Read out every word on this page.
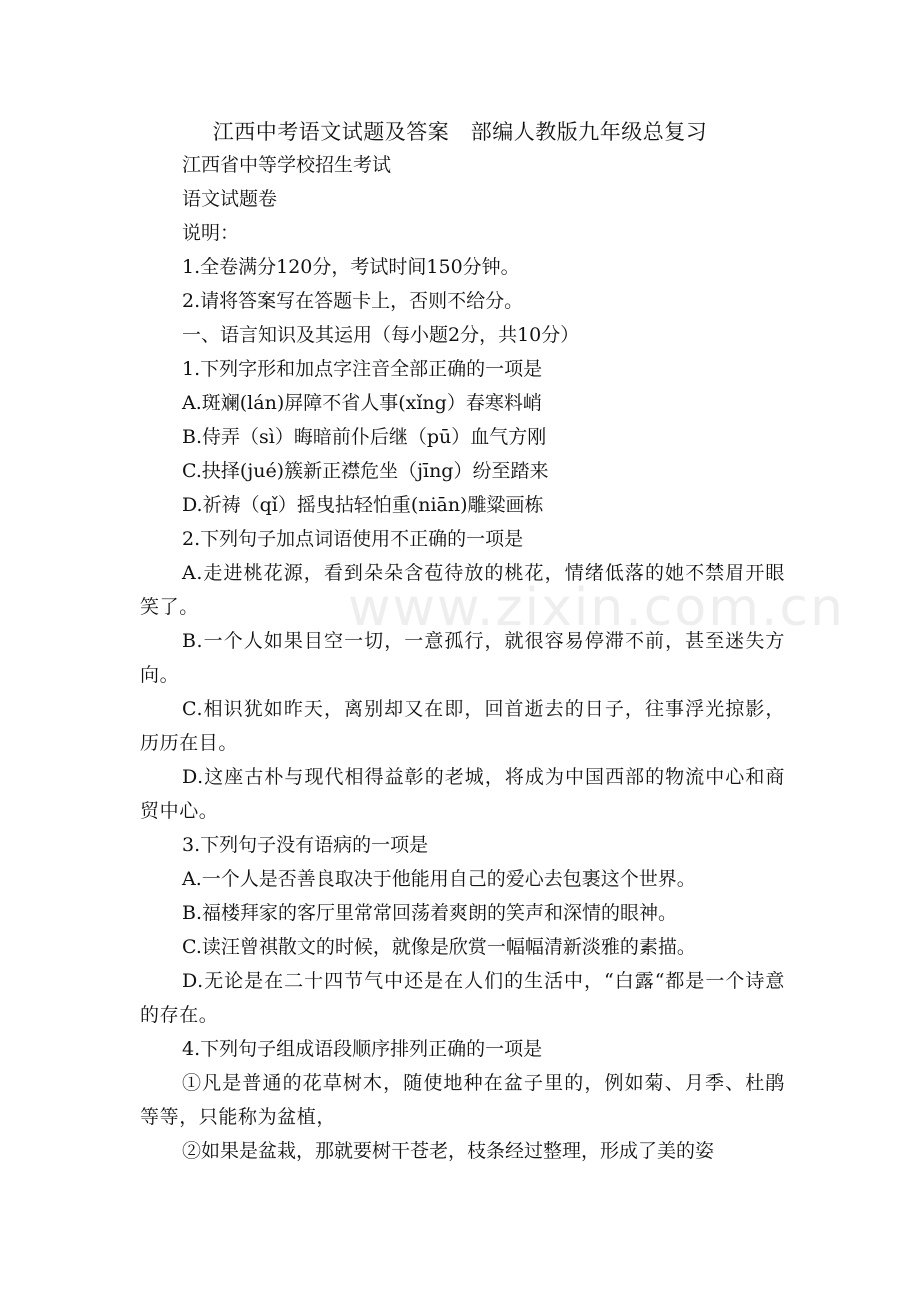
www.zixin.com.cn
江西中考语文试题及答案　部编人教版九年级总复习
江西省中等学校招生考试
语文试题卷
说明：
1.全卷满分120分，考试时间150分钟。
2.请将答案写在答题卡上，否则不给分。
一、语言知识及其运用（每小题2分，共10分）
1.下列字形和加点字注音全部正确的一项是
A.斑斓(lán)屏障不省人事(xǐng）春寒料峭
B.侍弄（sì）晦暗前仆后继（pū）血气方刚
C.抉择(jué)簇新正襟危坐（jīng）纷至踏来
D.祈祷（qǐ）摇曳拈轻怕重(niān)雕粱画栋
2.下列句子加点词语使用不正确的一项是
A.走进桃花源，看到朵朵含苞待放的桃花，情绪低落的她不禁眉开眼笑了。
B.一个人如果目空一切，一意孤行，就很容易停滞不前，甚至迷失方向。
C.相识犹如昨天，离别却又在即，回首逝去的日子，往事浮光掠影，历历在目。
D.这座古朴与现代相得益彰的老城，将成为中国西部的物流中心和商贸中心。
3.下列句子没有语病的一项是
A.一个人是否善良取决于他能用自己的爱心去包裹这个世界。
B.福楼拜家的客厅里常常回荡着爽朗的笑声和深情的眼神。
C.读汪曾祺散文的时候，就像是欣赏一幅幅清新淡雅的素描。
D.无论是在二十四节气中还是在人们的生活中，“白露“都是一个诗意的存在。
4.下列句子组成语段顺序排列正确的一项是
①凡是普通的花草树木，随使地种在盆子里的，例如菊、月季、杜鹃等等，只能称为盆植，
②如果是盆栽，那就要树干苍老，枝条经过整理，形成了美的姿
